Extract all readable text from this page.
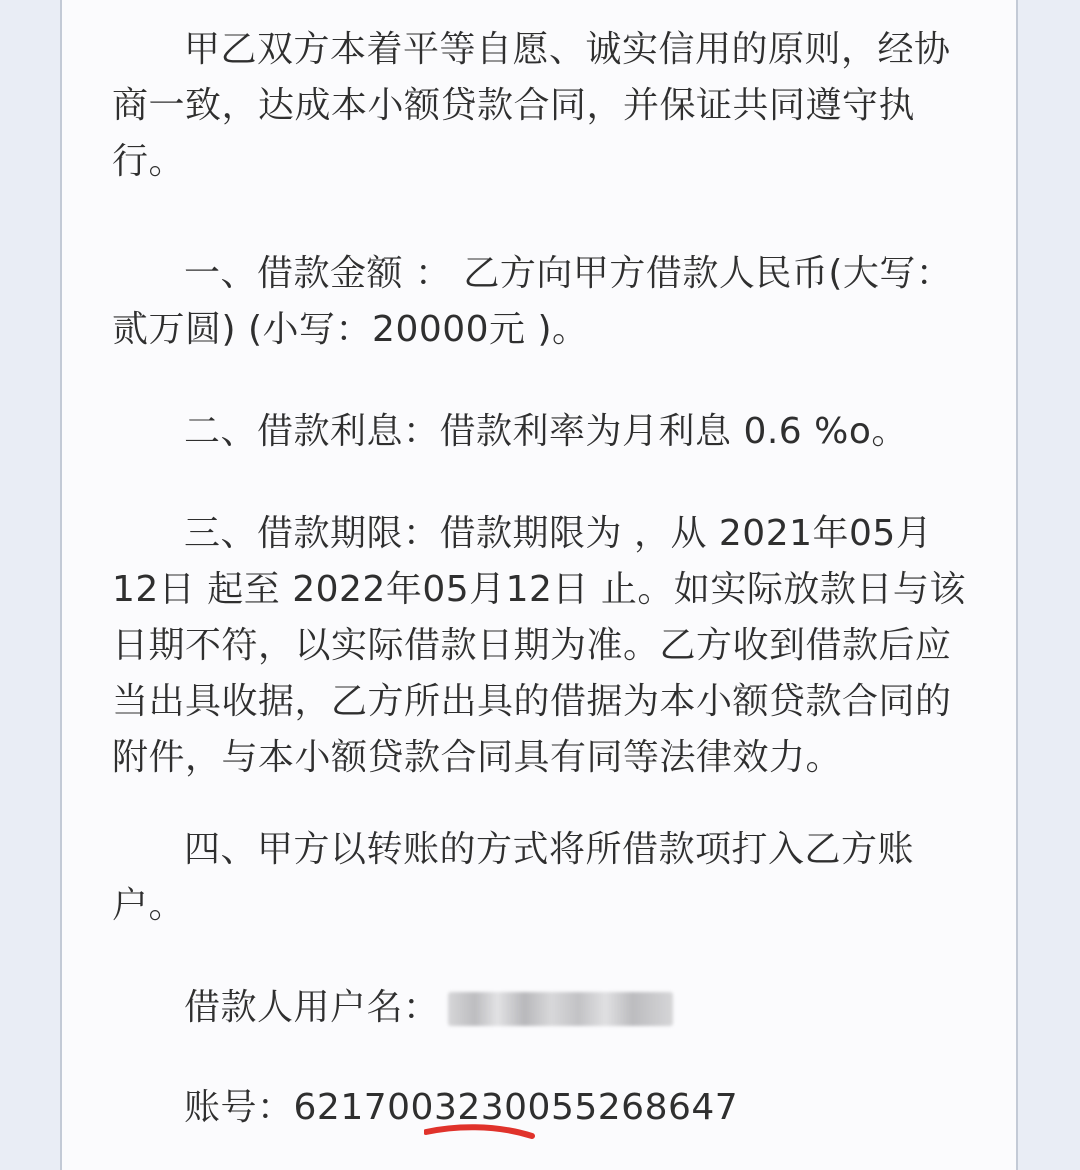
甲乙双方本着平等自愿、诚实信用的原则，经协商一致，达成本小额贷款合同，并保证共同遵守执行。

一、借款金额 ： 乙方向甲方借款人民币(大写：贰万圆) (小写：20000元 )。

二、借款利息：借款利率为月利息 0.6 %o。

三、借款期限：借款期限为 ，从 2021年05月12日 起至 2022年05月12日 止。如实际放款日与该日期不符，以实际借款日期为准。乙方收到借款后应当出具收据，乙方所出具的借据为本小额贷款合同的附件，与本小额贷款合同具有同等法律效力。

四、甲方以转账的方式将所借款项打入乙方账户。

借款人用户名：
账号：6217003230055268647
